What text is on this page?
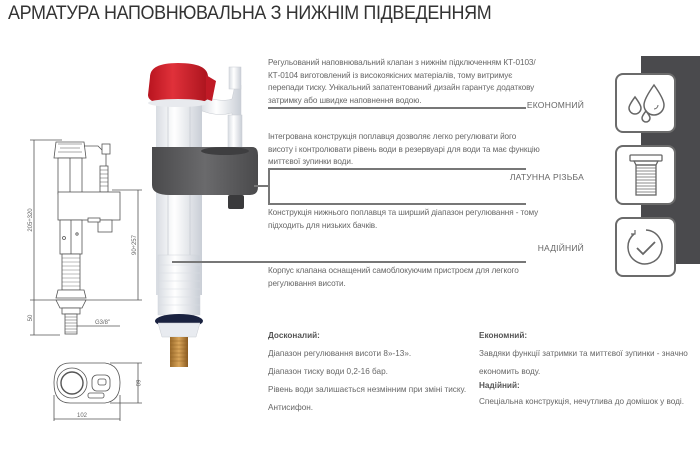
АРМАТУРА НАПОВНЮВАЛЬНА З НИЖНІМ ПІДВЕДЕННЯМ
205÷320
90÷257
50
G3/8"
102
60
Регульований наповнювальний клапан з нижнім підключенням КТ-0103/ КТ-0104 виготовлений із високоякісних матеріалів, тому витримує перепади тиску. Унікальний запатентований дизайн гарантує додаткову затримку або швидке наповнення водою.
Інтегрована конструкція поплавця дозволяє легко регулювати його висоту і контролювати рівень води в резервуарі для води та має функцію миттєвої зупинки води.
Конструкція нижнього поплавця та ширший діапазон регулювання - тому підходить для низьких бачків.
Корпус клапана оснащений самоблокуючим пристроєм для легкого регулювання висоти.
ЕКОНОМНИЙ
ЛАТУННА РІЗЬБА
НАДІЙНИЙ
Досконалий:
Діапазон регулювання висоти 8»-13».
Діапазон тиску води 0,2-16 бар.
Рівень води залишається незмінним при зміні тиску.
Антисифон.
Економний:
Завдяки функції затримки та миттєвої зупинки - значно
економить воду.
Надійний:
Спеціальна конструкція, нечутлива до домішок у воді.
